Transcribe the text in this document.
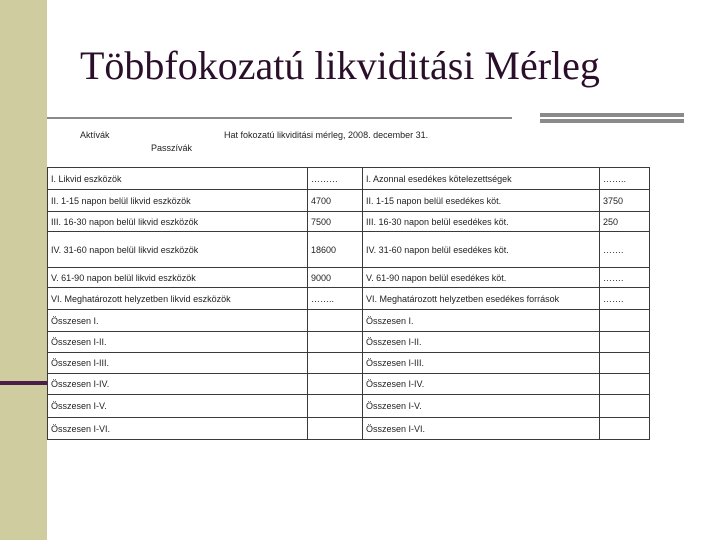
Többfokozatú likviditási Mérleg
Aktívák	Hat fokozatú likviditási mérleg, 2008. december 31.
Passzívák
I. Likvid eszközök	………	I. Azonnal esedékes kötelezettségek	……..
II. 1-15 napon belül likvid eszközök	4700	II. 1-15 napon belül esedékes köt.	3750
III. 16-30 napon belül likvid eszközök	7500	III. 16-30 napon belül esedékes köt.	250
IV. 31-60 napon belül likvid eszközök	18600	IV. 31-60 napon belül esedékes köt.	…….
V. 61-90 napon belül likvid eszközök	9000	V. 61-90 napon belül esedékes köt.	…….
VI. Meghatározott helyzetben likvid eszközök	……..	VI. Meghatározott helyzetben esedékes források	…….
Összesen I.		Összesen I.	
Összesen I-II.		Összesen I-II.	
Összesen I-III.		Összesen I-III.	
Összesen I-IV.		Összesen I-IV.	
Összesen I-V.		Összesen I-V.	
Összesen I-VI.		Összesen I-VI.	
